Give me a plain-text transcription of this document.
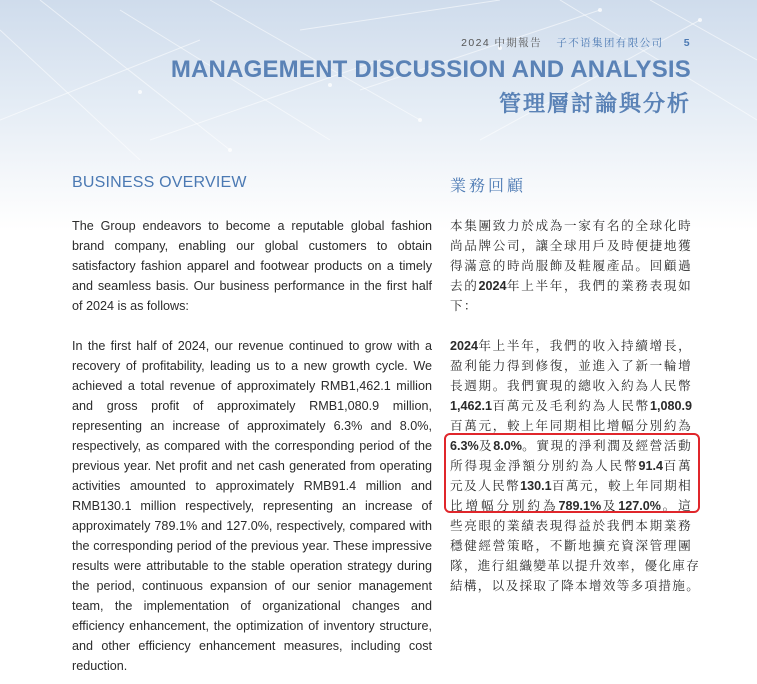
2024 中期報告 子不语集团有限公司 5
MANAGEMENT DISCUSSION AND ANALYSIS
管理層討論與分析
BUSINESS OVERVIEW	業務回顧

The Group endeavors to become a reputable global fashion brand company, enabling our global customers to obtain satisfactory fashion apparel and footwear products on a timely and seamless basis. Our business performance in the first half of 2024 is as follows:

In the first half of 2024, our revenue continued to grow with a recovery of profitability, leading us to a new growth cycle. We achieved a total revenue of approximately RMB1,462.1 million and gross profit of approximately RMB1,080.9 million, representing an increase of approximately 6.3% and 8.0%, respectively, as compared with the corresponding period of the previous year. Net profit and net cash generated from operating activities amounted to approximately RMB91.4 million and RMB130.1 million respectively, representing an increase of approximately 789.1% and 127.0%, respectively, compared with the corresponding period of the previous year. These impressive results were attributable to the stable operation strategy during the period, continuous expansion of our senior management team, the implementation of organizational changes and efficiency enhancement, the optimization of inventory structure, and other efficiency enhancement measures, including cost reduction.

本集團致力於成為一家有名的全球化時
尚品牌公司，讓全球用戶及時便捷地獲
得滿意的時尚服飾及鞋履產品。回顧過
去的2024年上半年，我們的業務表現如
下：
2024年上半年，我們的收入持續增長，
盈利能力得到修復，並進入了新一輪增
長週期。我們實現的總收入約為人民幣
1,462.1百萬元及毛利約為人民幣1,080.9
百萬元，較上年同期相比增幅分別約為
6.3%及8.0%。實現的淨利潤及經營活動
所得現金淨額分別約為人民幣91.4百萬
元及人民幣130.1百萬元，較上年同期相
比增幅分別約為789.1%及127.0%。這
些亮眼的業績表現得益於我們本期業務
穩健經營策略，不斷地擴充資深管理團
隊，進行組織變革以提升效率，優化庫存
結構，以及採取了降本增效等多項措施。
